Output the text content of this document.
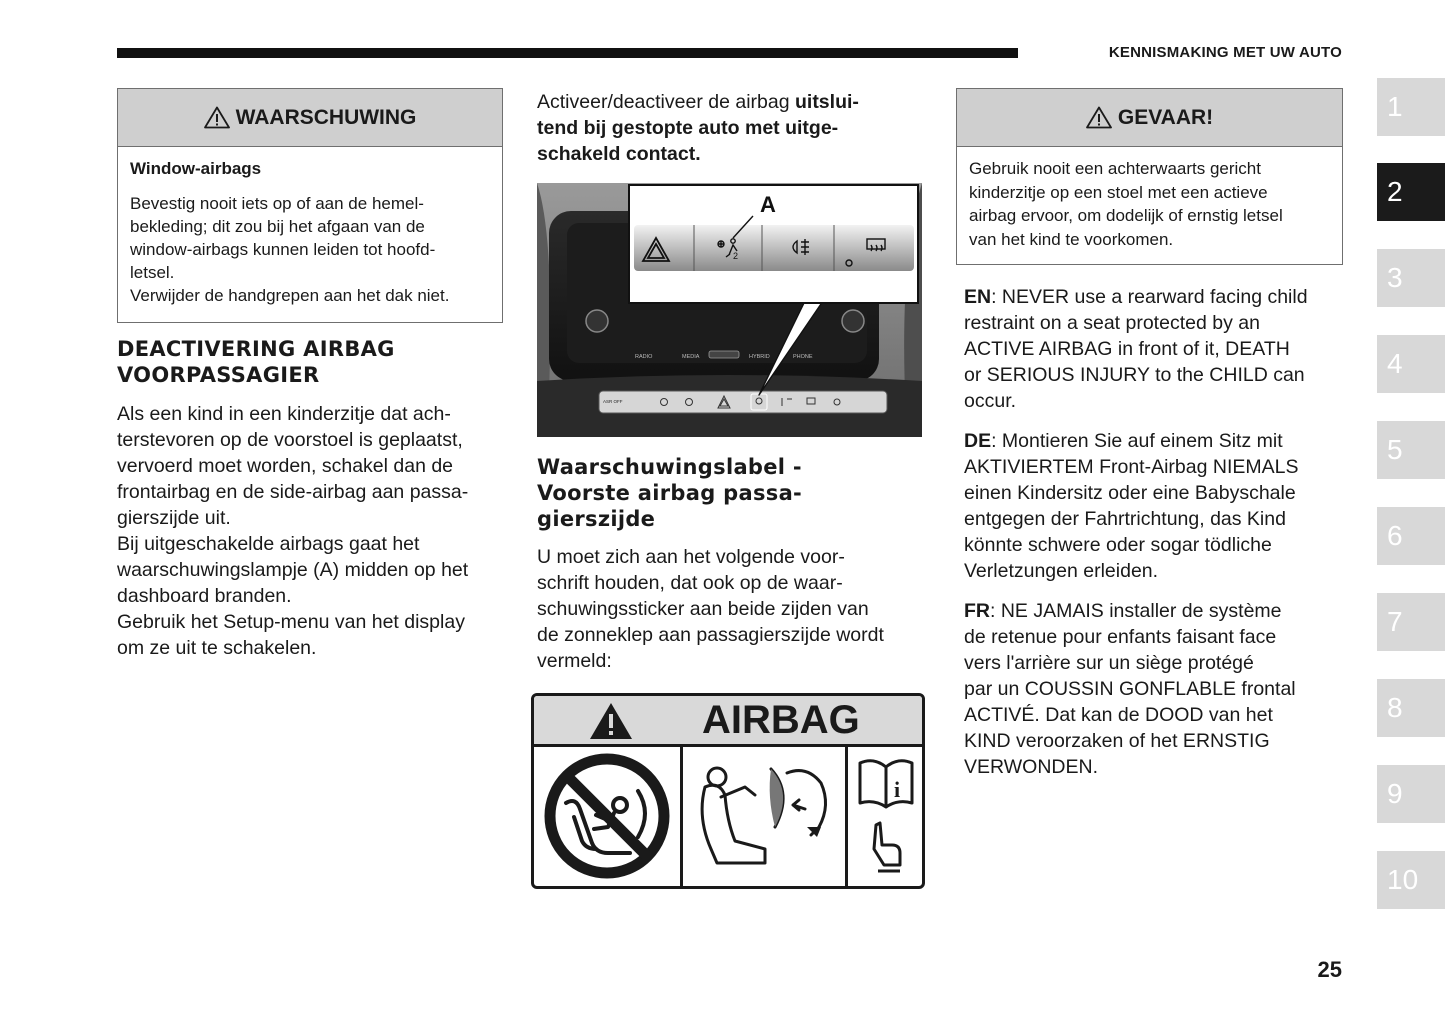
KENNISMAKING MET UW AUTO
1
2
3
4
5
6
7
8
9
10
WAARSCHUWING
Window-airbags
Bevestig nooit iets op of aan de hemel-
bekleding; dit zou bij het afgaan van de
window-airbags kunnen leiden tot hoofd-
letsel.
Verwijder de handgrepen aan het dak niet.
DEACTIVERING AIRBAG
VOORPASSAGIER
Als een kind in een kinderzitje dat ach-
terstevoren op de voorstoel is geplaatst,
vervoerd moet worden, schakel dan de
frontairbag en de side-airbag aan passa-
gierszijde uit.
Bij uitgeschakelde airbags gaat het
waarschuwingslampje (A) midden op het
dashboard branden.
Gebruik het Setup-menu van het display
om ze uit te schakelen.
Activeer/deactiveer de airbag uitslui-
tend bij gestopte auto met uitge-
schakeld contact.
RADIO	MEDIA	HYBRID	PHONE
ASR OFF
2
A
Waarschuwingslabel -
Voorste airbag passa-
gierszijde
U moet zich aan het volgende voor-
schrift houden, dat ook op de waar-
schuwingssticker aan beide zijden van
de zonneklep aan passagierszijde wordt
vermeld:
AIRBAG
i
GEVAAR!
Gebruik nooit een achterwaarts gericht
kinderzitje op een stoel met een actieve
airbag ervoor, om dodelijk of ernstig letsel
van het kind te voorkomen.
EN: NEVER use a rearward facing child
restraint on a seat protected by an
ACTIVE AIRBAG in front of it, DEATH
or SERIOUS INJURY to the CHILD can
occur.
DE: Montieren Sie auf einem Sitz mit
AKTIVIERTEM Front-Airbag NIEMALS
einen Kindersitz oder eine Babyschale
entgegen der Fahrtrichtung, das Kind
könnte schwere oder sogar tödliche
Verletzungen erleiden.
FR: NE JAMAIS installer de système
de retenue pour enfants faisant face
vers l'arrière sur un siège protégé
par un COUSSIN GONFLABLE frontal
ACTIVÉ. Dat kan de DOOD van het
KIND veroorzaken of het ERNSTIG
VERWONDEN.
25
